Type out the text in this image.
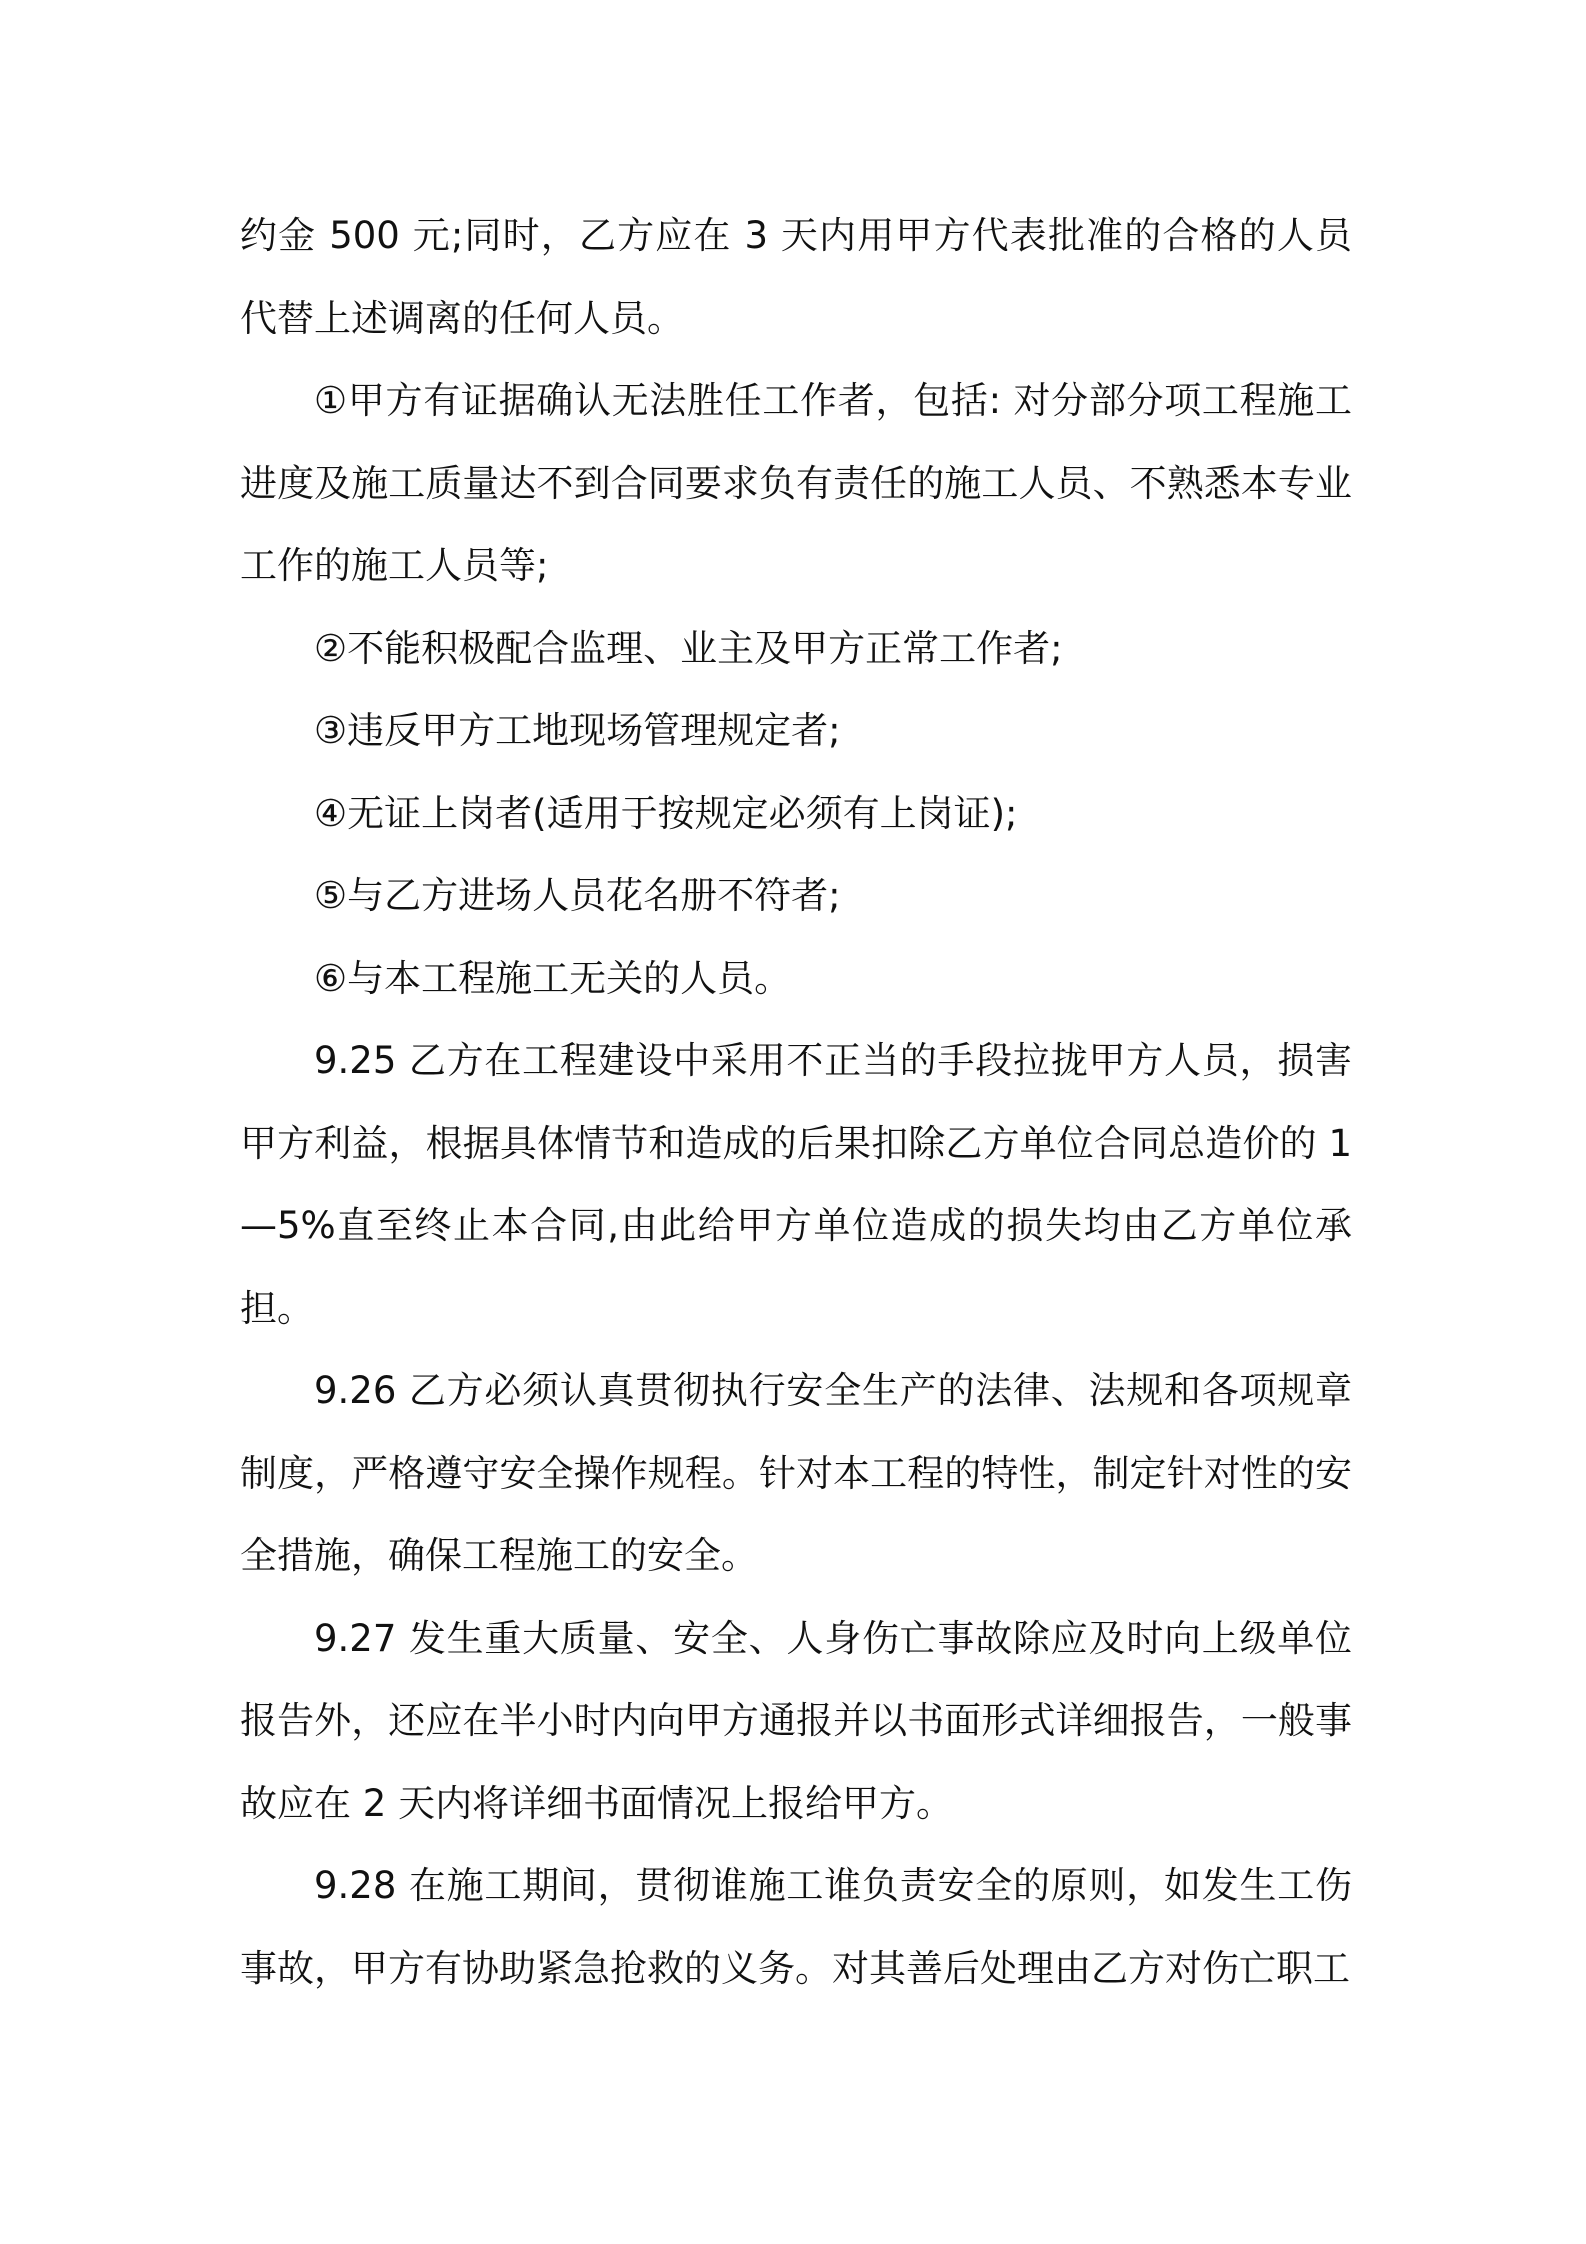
约金 500 元;同时，乙方应在 3 天内用甲方代表批准的合格的人员代替上述调离的任何人员。

①甲方有证据确认无法胜任工作者，包括: 对分部分项工程施工进度及施工质量达不到合同要求负有责任的施工人员、不熟悉本专业工作的施工人员等;

②不能积极配合监理、业主及甲方正常工作者;

③违反甲方工地现场管理规定者;

④无证上岗者(适用于按规定必须有上岗证);

⑤与乙方进场人员花名册不符者;

⑥与本工程施工无关的人员。

9.25 乙方在工程建设中采用不正当的手段拉拢甲方人员，损害甲方利益，根据具体情节和造成的后果扣除乙方单位合同总造价的 1—5%直至终止本合同,由此给甲方单位造成的损失均由乙方单位承担。

9.26 乙方必须认真贯彻执行安全生产的法律、法规和各项规章制度，严格遵守安全操作规程。针对本工程的特性，制定针对性的安全措施，确保工程施工的安全。

9.27 发生重大质量、安全、人身伤亡事故除应及时向上级单位报告外，还应在半小时内向甲方通报并以书面形式详细报告，一般事故应在 2 天内将详细书面情况上报给甲方。

9.28 在施工期间，贯彻谁施工谁负责安全的原则，如发生工伤事故，甲方有协助紧急抢救的义务。对其善后处理由乙方对伤亡职工
